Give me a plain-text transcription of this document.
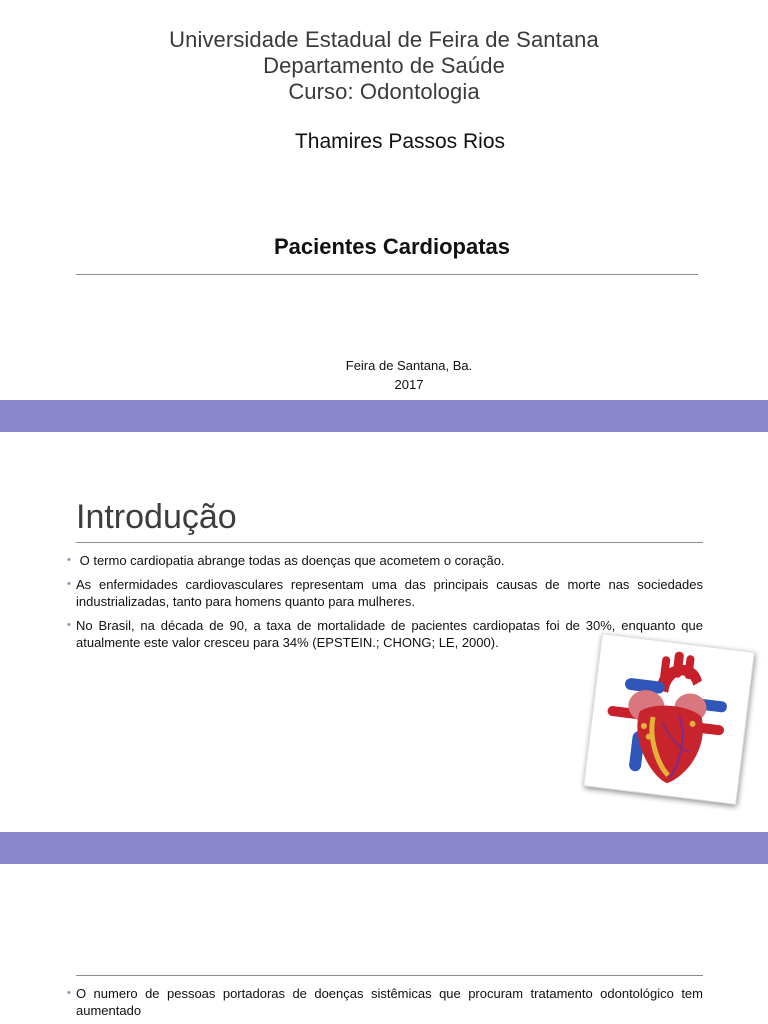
Universidade Estadual de Feira de Santana
Departamento de Saúde
Curso: Odontologia
Thamires Passos Rios
Pacientes Cardiopatas
Feira de Santana, Ba.
2017
Introdução
• O termo cardiopatia abrange todas as doenças que acometem o coração.
• As enfermidades cardiovasculares representam uma das principais causas de morte nas sociedades industrializadas, tanto para homens quanto para mulheres.
• No Brasil, na década de 90, a taxa de mortalidade de pacientes cardiopatas foi de 30%, enquanto que atualmente este valor cresceu para 34% (EPSTEIN.; CHONG; LE, 2000).
• O numero de pessoas portadoras de doenças sistêmicas que procuram tratamento odontológico tem aumentado
